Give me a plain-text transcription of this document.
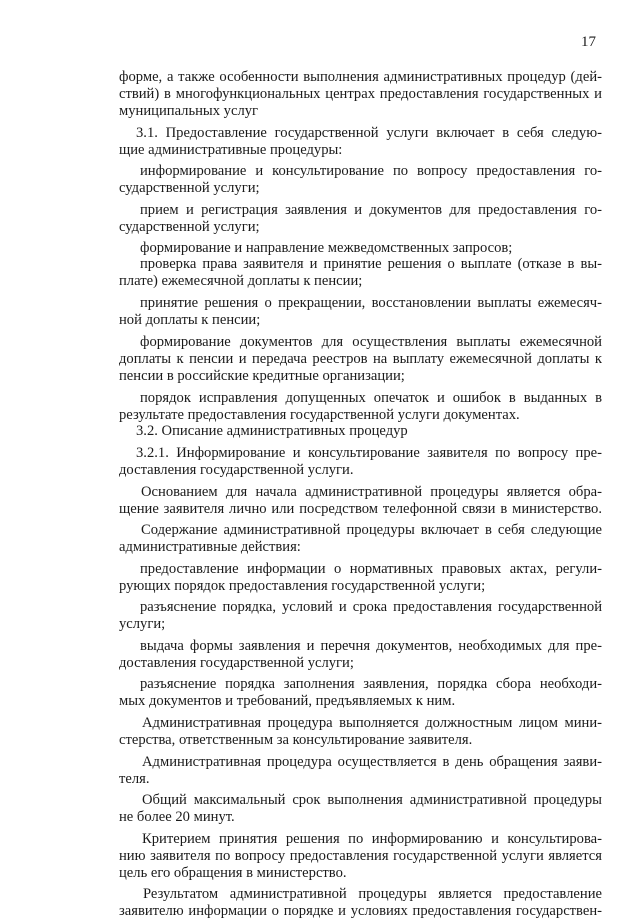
17
форме, а также особенности выполнения административных процедур (дей-
ствий) в многофункциональных центрах предоставления государственных и
муниципальных услуг
3.1. Предоставление государственной услуги включает в себя следую-
щие административные процедуры:
информирование и консультирование по вопросу предоставления го-
сударственной услуги;
прием и регистрация заявления и документов для предоставления го-
сударственной услуги;
формирование и направление межведомственных запросов;
проверка права заявителя и принятие решения о выплате (отказе в вы-
плате) ежемесячной доплаты к пенсии;
принятие решения о прекращении, восстановлении выплаты ежемесяч-
ной доплаты к пенсии;
формирование документов для осуществления выплаты ежемесячной
доплаты к пенсии и передача реестров на выплату ежемесячной доплаты к
пенсии в российские кредитные организации;
порядок исправления допущенных опечаток и ошибок в выданных в
результате предоставления государственной услуги документах.
3.2. Описание административных процедур
3.2.1. Информирование и консультирование заявителя по вопросу пре-
доставления государственной услуги.
Основанием для начала административной процедуры является обра-
щение заявителя лично или посредством телефонной связи в министерство.
Содержание административной процедуры включает в себя следующие
административные действия:
предоставление информации о нормативных правовых актах, регули-
рующих порядок предоставления государственной услуги;
разъяснение порядка, условий и срока предоставления государственной
услуги;
выдача формы заявления и перечня документов, необходимых для пре-
доставления государственной услуги;
разъяснение порядка заполнения заявления, порядка сбора необходи-
мых документов и требований, предъявляемых к ним.
Административная процедура выполняется должностным лицом мини-
стерства, ответственным за консультирование заявителя.
Административная процедура осуществляется в день обращения заяви-
теля.
Общий максимальный срок выполнения административной процедуры
не более 20 минут.
Критерием принятия решения по информированию и консультирова-
нию заявителя по вопросу предоставления государственной услуги является
цель его обращения в министерство.
Результатом административной процедуры является предоставление
заявителю информации о порядке и условиях предоставления государствен-
